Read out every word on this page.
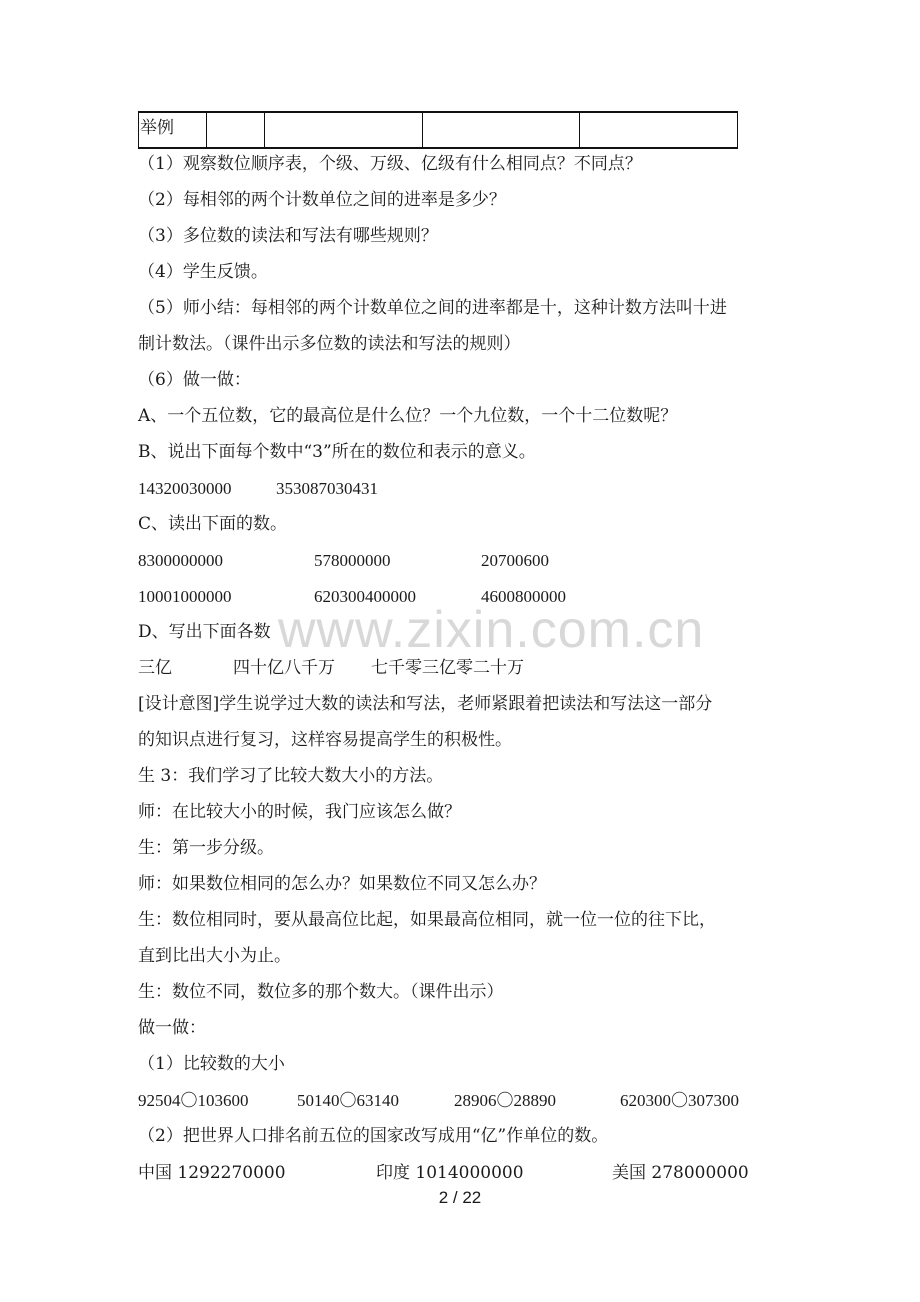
举例
（1）观察数位顺序表，个级、万级、亿级有什么相同点？不同点？
（2）每相邻的两个计数单位之间的进率是多少？
（3）多位数的读法和写法有哪些规则？
（4）学生反馈。
（5）师小结：每相邻的两个计数单位之间的进率都是十，这种计数方法叫十进
制计数法。（课件出示多位数的读法和写法的规则）
（6）做一做：
A、一个五位数，它的最高位是什么位？一个九位数，一个十二位数呢？
B、说出下面每个数中“3”所在的数位和表示的意义。
14320030000	353087030431
C、读出下面的数。
8300000000	578000000	20700600
10001000000	620300400000	4600800000
D、写出下面各数
三亿	四十亿八千万 七千零三亿零二十万
[设计意图]学生说学过大数的读法和写法，老师紧跟着把读法和写法这一部分
的知识点进行复习，这样容易提高学生的积极性。
生 3：我们学习了比较大数大小的方法。
师：在比较大小的时候，我门应该怎么做？
生：第一步分级。
师：如果数位相同的怎么办？如果数位不同又怎么办？
生：数位相同时，要从最高位比起，如果最高位相同，就一位一位的往下比，
直到比出大小为止。
生：数位不同，数位多的那个数大。（课件出示）
做一做：
（1）比较数的大小
92504〇103600	50140〇63140	28906〇28890	620300〇307300
（2）把世界人口排名前五位的国家改写成用“亿”作单位的数。
中国 1292270000	印度 1014000000	美国 278000000
www.zixin.com.cn
2 / 22
